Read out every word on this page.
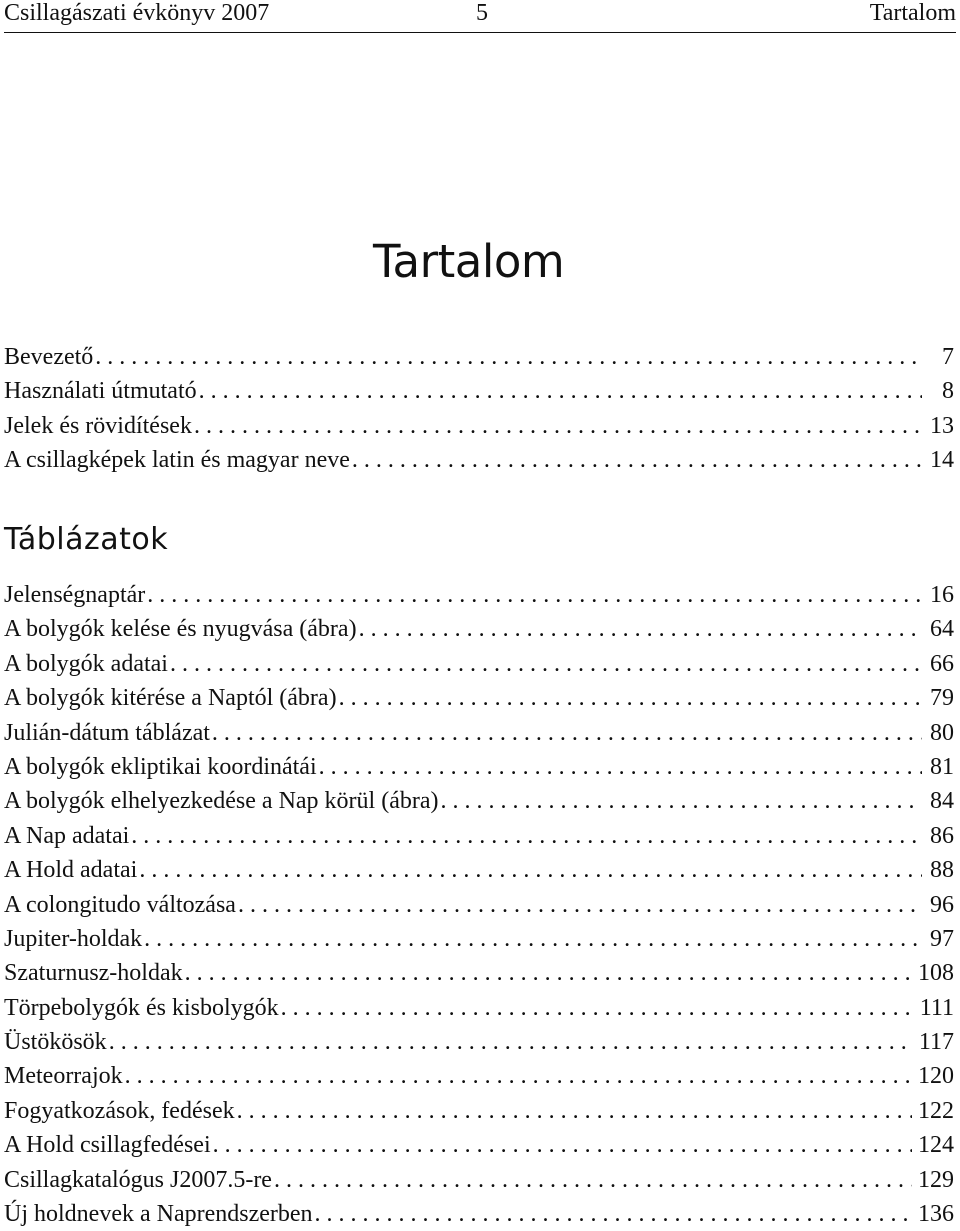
Csillagászati évkönyv 2007	5	Tartalom
Tartalom
Bevezető . . .	7
Használati útmutató . . .	8
Jelek és rövidítések . . .	13
A csillagképek latin és magyar neve . . .	14
Táblázatok
Jelenségnaptár . . .	16
A bolygók kelése és nyugvása (ábra) . . .	64
A bolygók adatai . . .	66
A bolygók kitérése a Naptól (ábra) . . .	79
Julián-dátum táblázat . . .	80
A bolygók ekliptikai koordinátái . . .	81
A bolygók elhelyezkedése a Nap körül (ábra) . . .	84
A Nap adatai . . .	86
A Hold adatai . . .	88
A colongitudo változása . . .	96
Jupiter-holdak . . .	97
Szaturnusz-holdak . . .	108
Törpebolygók és kisbolygók . . .	111
Üstökösök . . .	117
Meteorrajok . . .	120
Fogyatkozások, fedések . . .	122
A Hold csillagfedései . . .	124
Csillagkatalógus J2007.5-re . . .	129
Új holdnevek a Naprendszerben . . .	136
